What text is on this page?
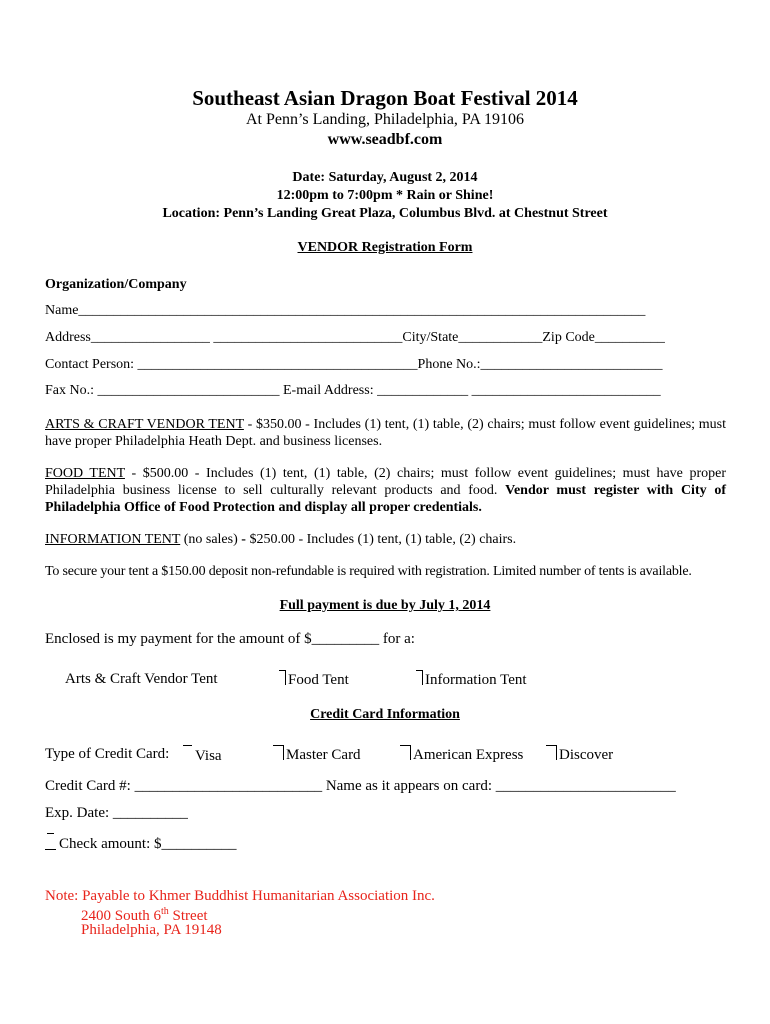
Southeast Asian Dragon Boat Festival 2014
At Penn’s Landing, Philadelphia, PA 19106
www.seadbf.com
Date: Saturday, August 2, 2014
12:00pm to 7:00pm * Rain or Shine!
Location: Penn’s Landing Great Plaza, Columbus Blvd. at Chestnut Street
VENDOR Registration Form
Organization/Company
Name_________________________________________________________________________________
Address_________________ ___________________________City/State____________Zip Code__________
Contact Person: ________________________________________Phone No.:__________________________
Fax No.: __________________________ E-mail Address: _____________ ___________________________
ARTS & CRAFT VENDOR TENT - $350.00 - Includes (1) tent, (1) table, (2) chairs; must follow event guidelines; must have proper Philadelphia Heath Dept. and business licenses.
FOOD TENT - $500.00 - Includes (1) tent, (1) table, (2) chairs; must follow event guidelines; must have proper Philadelphia business license to sell culturally relevant products and food. Vendor must register with City of Philadelphia Office of Food Protection and display all proper credentials.
INFORMATION TENT (no sales) - $250.00 - Includes (1) tent, (1) table, (2) chairs.
To secure your tent a $150.00 deposit non-refundable is required with registration. Limited number of tents is available.
Full payment is due by July 1, 2014
Enclosed is my payment for the amount of $_________ for a:
Arts & Craft Vendor Tent	Food Tent	Information Tent
Credit Card Information
Type of Credit Card:	Visa	Master Card	American Express	Discover
Credit Card #: _________________________ Name as it appears on card: ________________________
Exp. Date: __________
Check amount: $__________
Note: Payable to Khmer Buddhist Humanitarian Association Inc.
2400 South 6th Street
Philadelphia, PA 19148
